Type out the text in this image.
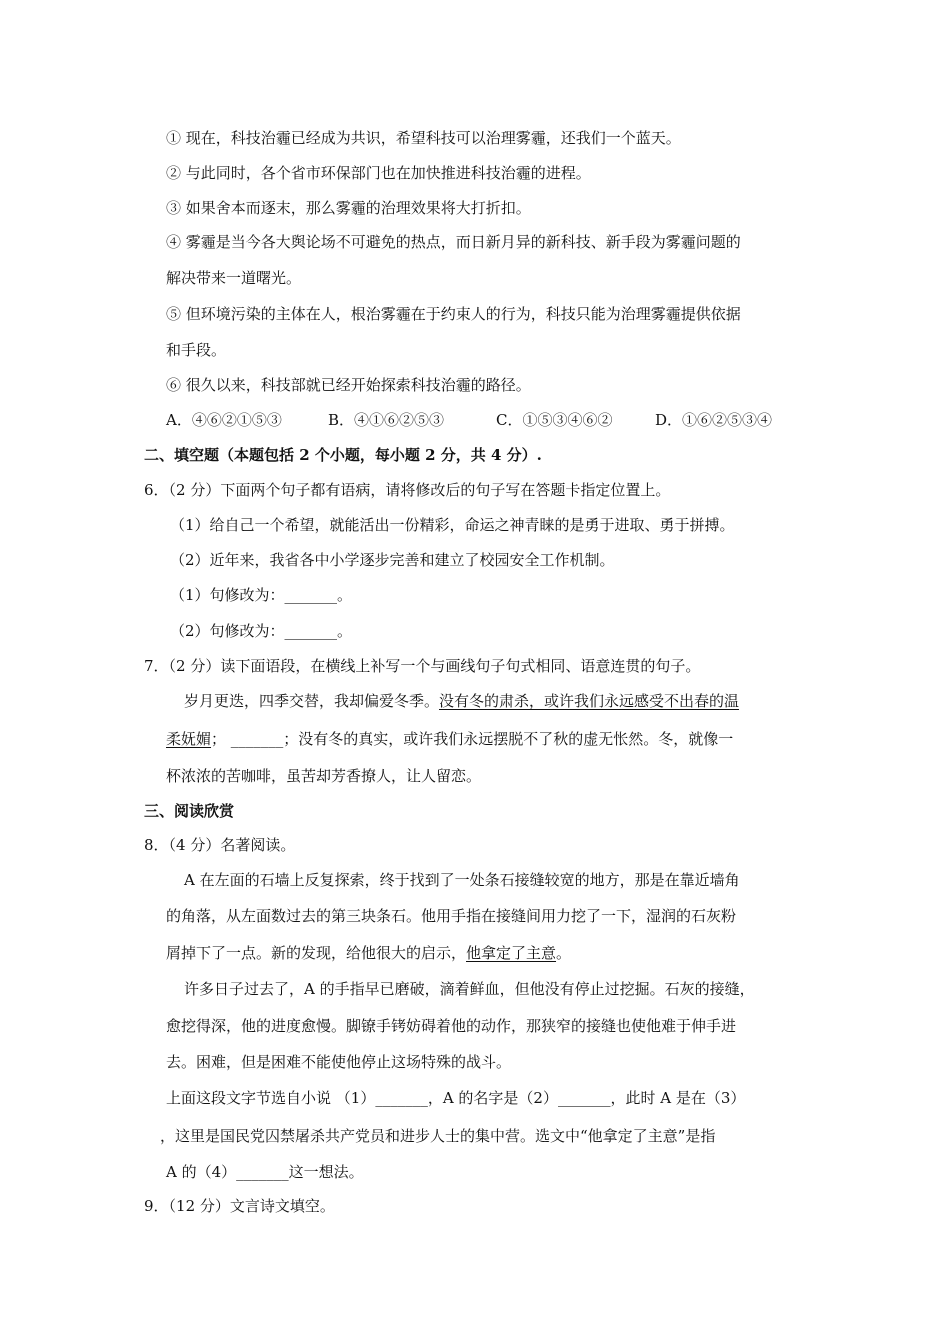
① 现在，科技治霾已经成为共识，希望科技可以治理雾霾，还我们一个蓝天。
② 与此同时，各个省市环保部门也在加快推进科技治霾的进程。
③ 如果舍本而逐末，那么雾霾的治理效果将大打折扣。
④ 雾霾是当今各大舆论场不可避免的热点，而日新月异的新科技、新手段为雾霾问题的
解决带来一道曙光。
⑤ 但环境污染的主体在人，根治雾霾在于约束人的行为，科技只能为治理雾霾提供依据
和手段。
⑥ 很久以来，科技部就已经开始探索科技治霾的路径。
A．④⑥②①⑤③	B．④①⑥②⑤③	C．①⑤③④⑥②	D．①⑥②⑤③④
二、填空题（本题包括 2 个小题，每小题 2 分，共 4 分）.
6．（2 分）下面两个句子都有语病，请将修改后的句子写在答题卡指定位置上。
（1）给自己一个希望，就能活出一份精彩，命运之神青睐的是勇于进取、勇于拼搏。
（2）近年来，我省各中小学逐步完善和建立了校园安全工作机制。
（1）句修改为：_______。
（2）句修改为：_______。
7．（2 分）读下面语段，在横线上补写一个与画线句子句式相同、语意连贯的句子。
岁月更迭，四季交替，我却偏爱冬季。没有冬的肃杀，或许我们永远感受不出春的温
柔妩媚； _______；没有冬的真实，或许我们永远摆脱不了秋的虚无怅然。冬，就像一
杯浓浓的苦咖啡，虽苦却芳香撩人，让人留恋。
三、阅读欣赏
8．（4 分）名著阅读。
A 在左面的石墙上反复探索，终于找到了一处条石接缝较宽的地方，那是在靠近墙角
的角落，从左面数过去的第三块条石。他用手指在接缝间用力挖了一下，湿润的石灰粉
屑掉下了一点。新的发现，给他很大的启示，他拿定了主意。
许多日子过去了，A 的手指早已磨破，滴着鲜血，但他没有停止过挖掘。石灰的接缝，
愈挖得深，他的进度愈慢。脚镣手铐妨碍着他的动作，那狭窄的接缝也使他难于伸手进
去。困难，但是困难不能使他停止这场特殊的战斗。
上面这段文字节选自小说 （1）_______，A 的名字是（2）_______，此时 A 是在（3）
，这里是国民党囚禁屠杀共产党员和进步人士的集中营。选文中“他拿定了主意”是指
A 的（4）_______这一想法。
9．（12 分）文言诗文填空。
